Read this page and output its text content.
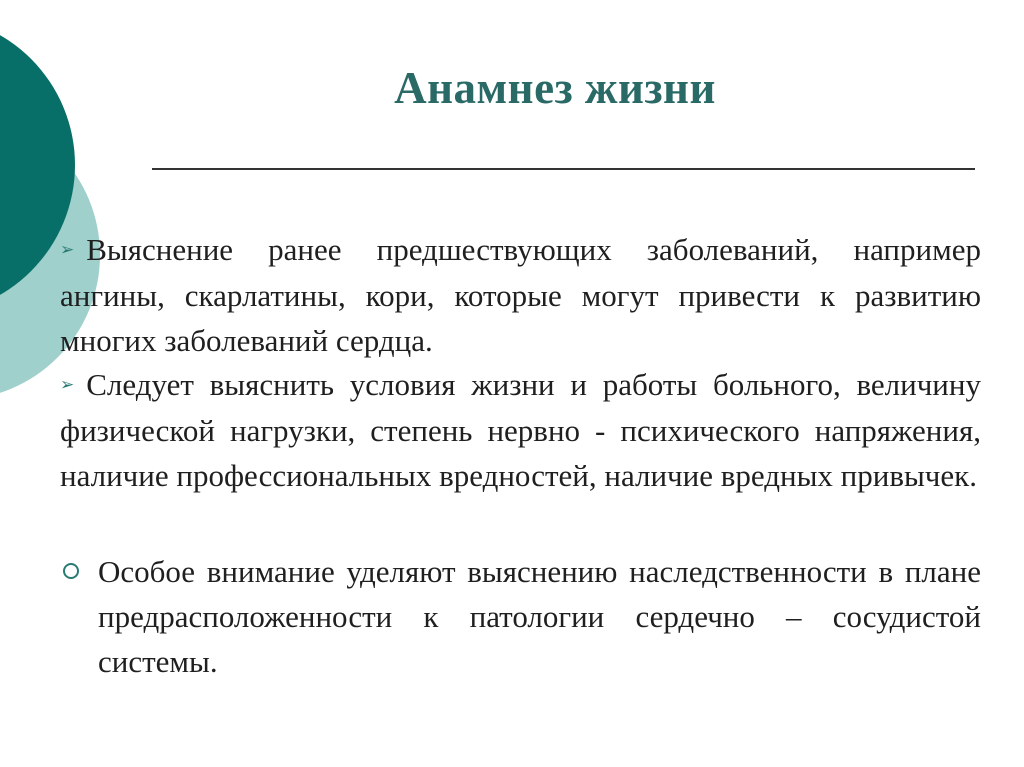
Анамнез жизни
➢ Выяснение ранее предшествующих заболеваний, например ангины, скарлатины, кори, которые могут привести к развитию многих заболеваний сердца.
➢ Следует выяснить условия жизни и работы больного, величину физической нагрузки, степень нервно - психического напряжения, наличие профессиональных вредностей, наличие вредных привычек.
Особое внимание уделяют выяснению наследственности в плане предрасположенности к патологии сердечно – сосудистой системы.
